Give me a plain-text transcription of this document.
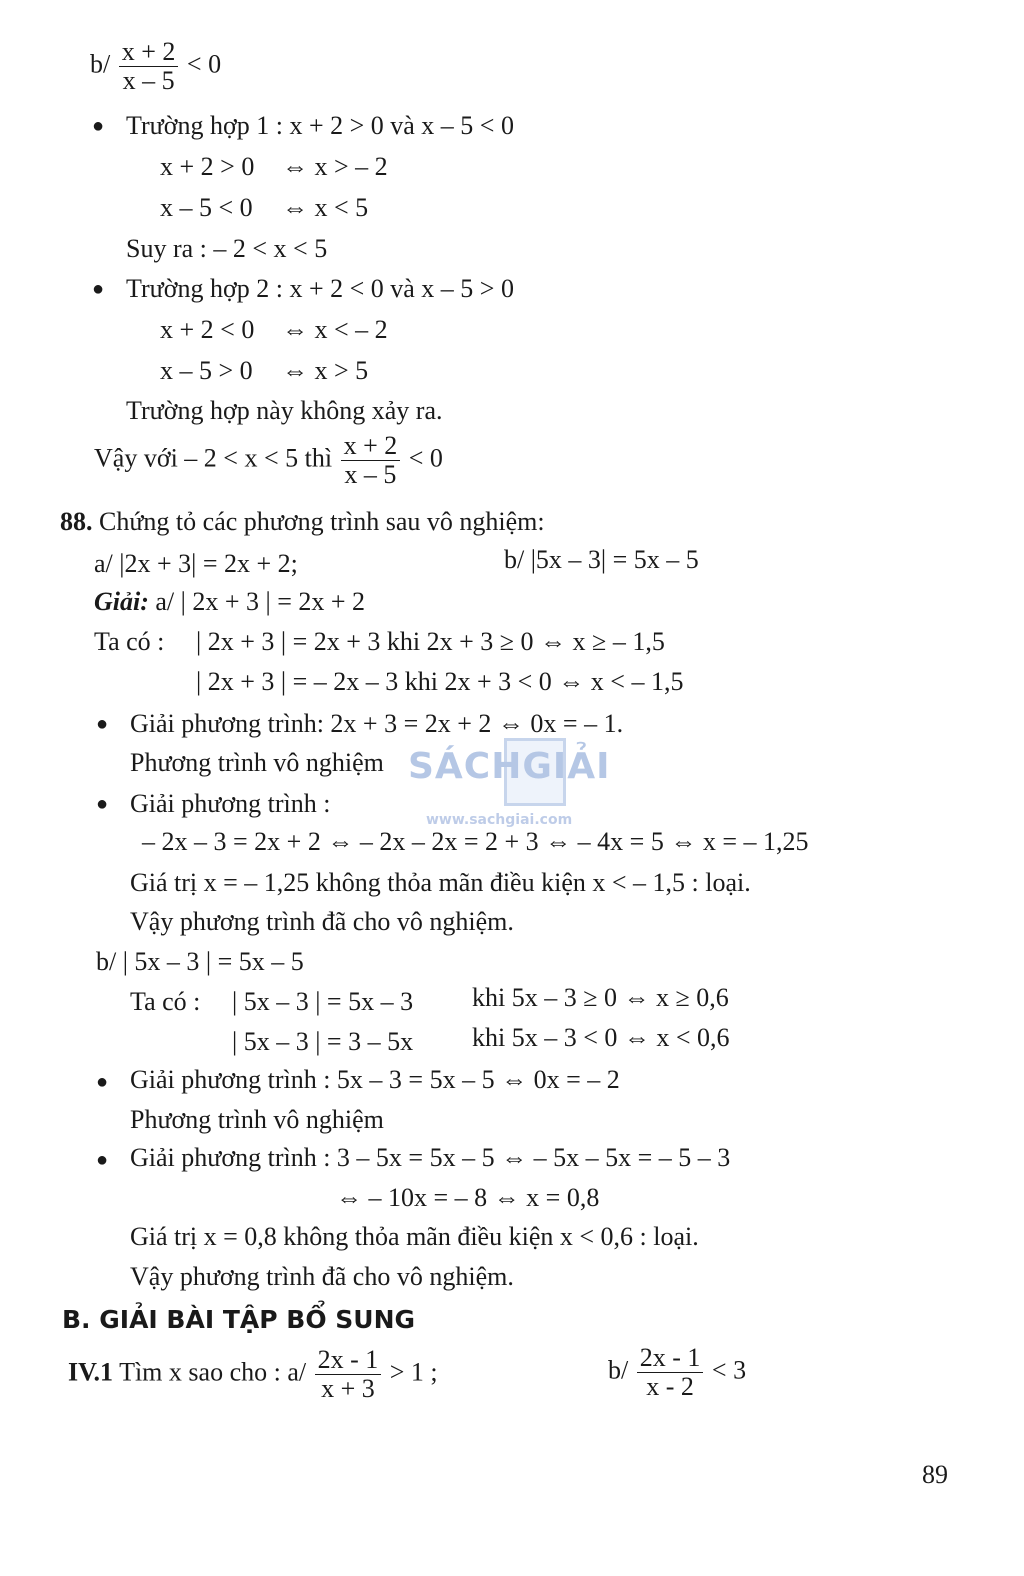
$b/ \frac{x + 2}{x - 5} < 0$
● Trường hợp 1 : x + 2 > 0 và x – 5 < 0
x + 2 > 0 ⇔ x > – 2
x – 5 < 0 ⇔ x < 5
Suy ra : – 2 < x < 5
● Trường hợp 2 : x + 2 < 0 và x – 5 > 0
x + 2 < 0 ⇔ x < – 2
x – 5 > 0 ⇔ x > 5
Trường hợp này không xảy ra.
Vậy với – 2 < x < 5 thì $\frac{x + 2}{x - 5} < 0$
88. Chứng tỏ các phương trình sau vô nghiệm:
a/ |2x + 3| = 2x + 2;	b/ |5x – 3| = 5x – 5
Giải: a/ | 2x + 3 | = 2x + 2
Ta có : | 2x + 3 | = 2x + 3 khi 2x + 3 ≥ 0 ⇔ x ≥ – 1,5
| 2x + 3 | = – 2x – 3 khi 2x + 3 < 0 ⇔ x < – 1,5
● Giải phương trình: 2x + 3 = 2x + 2 ⇔ 0x = – 1.
Phương trình vô nghiệm
● Giải phương trình :
– 2x – 3 = 2x + 2 ⇔ – 2x – 2x = 2 + 3 ⇔ – 4x = 5 ⇔ x = – 1,25
Giá trị x = – 1,25 không thỏa mãn điều kiện x < – 1,5 : loại.
Vậy phương trình đã cho vô nghiệm.
b/ | 5x – 3 | = 5x – 5
Ta có : | 5x – 3 | = 5x – 3 khi 5x – 3 ≥ 0 ⇔ x ≥ 0,6
| 5x – 3 | = 3 – 5x khi 5x – 3 < 0 ⇔ x < 0,6
● Giải phương trình : 5x – 3 = 5x – 5 ⇔ 0x = – 2
Phương trình vô nghiệm
● Giải phương trình : 3 – 5x = 5x – 5 ⇔ – 5x – 5x = – 5 – 3
⇔ – 10x = – 8 ⇔ x = 0,8
Giá trị x = 0,8 không thỏa mãn điều kiện x < 0,6 : loại.
Vậy phương trình đã cho vô nghiệm.
B. GIẢI BÀI TẬP BỔ SUNG
IV.1 Tìm x sao cho : $a/ \frac{2x - 1}{x + 3} > 1$ ;	$b/ \frac{2x - 1}{x - 2} < 3$
SÁCHGIẢI
www.sachgiai.com
89
